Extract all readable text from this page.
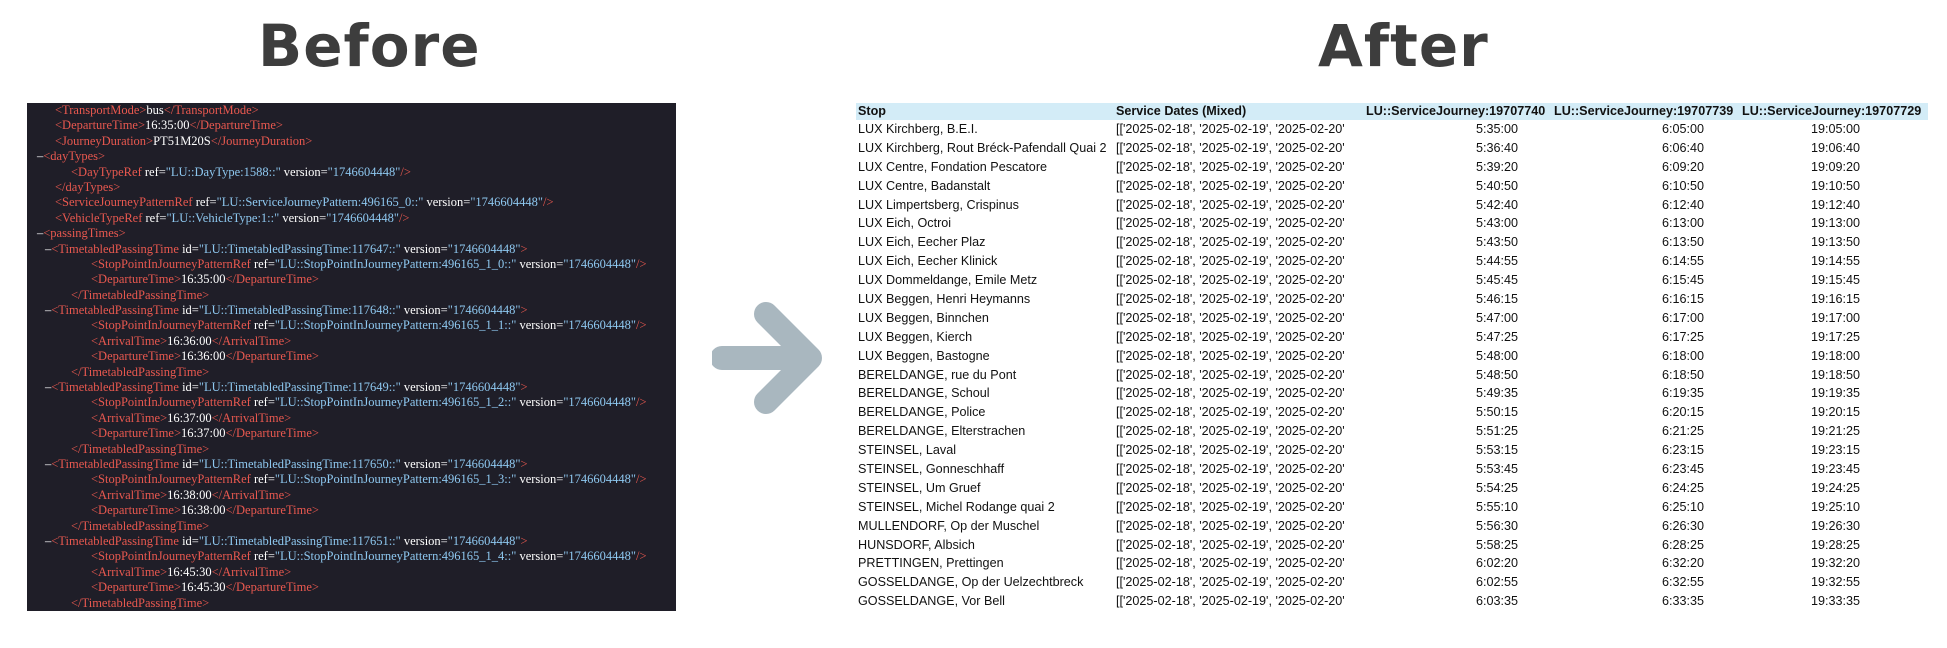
Before	After
<TransportMode>bus</TransportMode>
<DepartureTime>16:35:00</DepartureTime>
<JourneyDuration>PT51M20S</JourneyDuration>
–<dayTypes>
<DayTypeRef ref="LU::DayType:1588::" version="1746604448"/>
</dayTypes>
<ServiceJourneyPatternRef ref="LU::ServiceJourneyPattern:496165_0::" version="1746604448"/>
<VehicleTypeRef ref="LU::VehicleType:1::" version="1746604448"/>
–<passingTimes>
–<TimetabledPassingTime id="LU::TimetabledPassingTime:117647::" version="1746604448">
<StopPointInJourneyPatternRef ref="LU::StopPointInJourneyPattern:496165_1_0::" version="1746604448"/>
<DepartureTime>16:35:00</DepartureTime>
</TimetabledPassingTime>
–<TimetabledPassingTime id="LU::TimetabledPassingTime:117648::" version="1746604448">
<StopPointInJourneyPatternRef ref="LU::StopPointInJourneyPattern:496165_1_1::" version="1746604448"/>
<ArrivalTime>16:36:00</ArrivalTime>
<DepartureTime>16:36:00</DepartureTime>
</TimetabledPassingTime>
–<TimetabledPassingTime id="LU::TimetabledPassingTime:117649::" version="1746604448">
<StopPointInJourneyPatternRef ref="LU::StopPointInJourneyPattern:496165_1_2::" version="1746604448"/>
<ArrivalTime>16:37:00</ArrivalTime>
<DepartureTime>16:37:00</DepartureTime>
</TimetabledPassingTime>
–<TimetabledPassingTime id="LU::TimetabledPassingTime:117650::" version="1746604448">
<StopPointInJourneyPatternRef ref="LU::StopPointInJourneyPattern:496165_1_3::" version="1746604448"/>
<ArrivalTime>16:38:00</ArrivalTime>
<DepartureTime>16:38:00</DepartureTime>
</TimetabledPassingTime>
–<TimetabledPassingTime id="LU::TimetabledPassingTime:117651::" version="1746604448">
<StopPointInJourneyPatternRef ref="LU::StopPointInJourneyPattern:496165_1_4::" version="1746604448"/>
<ArrivalTime>16:45:30</ArrivalTime>
<DepartureTime>16:45:30</DepartureTime>
</TimetabledPassingTime>
Stop	Service Dates (Mixed)	LU::ServiceJourney:19707740 LU::ServiceJourney:19707739 LU::ServiceJourney:19707729
LUX Kirchberg, B.E.I.	[['2025-02-18', '2025-02-19', '2025-02-20'	5:35:00	6:05:00	19:05:00
LUX Kirchberg, Rout Bréck-Pafendall Quai 2 [['2025-02-18', '2025-02-19', '2025-02-20'	5:36:40	6:06:40	19:06:40
LUX Centre, Fondation Pescatore	[['2025-02-18', '2025-02-19', '2025-02-20'	5:39:20	6:09:20	19:09:20
LUX Centre, Badanstalt	[['2025-02-18', '2025-02-19', '2025-02-20'	5:40:50	6:10:50	19:10:50
LUX Limpertsberg, Crispinus	[['2025-02-18', '2025-02-19', '2025-02-20'	5:42:40	6:12:40	19:12:40
LUX Eich, Octroi	[['2025-02-18', '2025-02-19', '2025-02-20'	5:43:00	6:13:00	19:13:00
LUX Eich, Eecher Plaz	[['2025-02-18', '2025-02-19', '2025-02-20'	5:43:50	6:13:50	19:13:50
LUX Eich, Eecher Klinick	[['2025-02-18', '2025-02-19', '2025-02-20'	5:44:55	6:14:55	19:14:55
LUX Dommeldange, Emile Metz	[['2025-02-18', '2025-02-19', '2025-02-20'	5:45:45	6:15:45	19:15:45
LUX Beggen, Henri Heymanns	[['2025-02-18', '2025-02-19', '2025-02-20'	5:46:15	6:16:15	19:16:15
LUX Beggen, Binnchen	[['2025-02-18', '2025-02-19', '2025-02-20'	5:47:00	6:17:00	19:17:00
LUX Beggen, Kierch	[['2025-02-18', '2025-02-19', '2025-02-20'	5:47:25	6:17:25	19:17:25
LUX Beggen, Bastogne	[['2025-02-18', '2025-02-19', '2025-02-20'	5:48:00	6:18:00	19:18:00
BERELDANGE, rue du Pont	[['2025-02-18', '2025-02-19', '2025-02-20'	5:48:50	6:18:50	19:18:50
BERELDANGE, Schoul	[['2025-02-18', '2025-02-19', '2025-02-20'	5:49:35	6:19:35	19:19:35
BERELDANGE, Police	[['2025-02-18', '2025-02-19', '2025-02-20'	5:50:15	6:20:15	19:20:15
BERELDANGE, Elterstrachen	[['2025-02-18', '2025-02-19', '2025-02-20'	5:51:25	6:21:25	19:21:25
STEINSEL, Laval	[['2025-02-18', '2025-02-19', '2025-02-20'	5:53:15	6:23:15	19:23:15
STEINSEL, Gonneschhaff	[['2025-02-18', '2025-02-19', '2025-02-20'	5:53:45	6:23:45	19:23:45
STEINSEL, Um Gruef	[['2025-02-18', '2025-02-19', '2025-02-20'	5:54:25	6:24:25	19:24:25
STEINSEL, Michel Rodange quai 2	[['2025-02-18', '2025-02-19', '2025-02-20'	5:55:10	6:25:10	19:25:10
MULLENDORF, Op der Muschel	[['2025-02-18', '2025-02-19', '2025-02-20'	5:56:30	6:26:30	19:26:30
HUNSDORF, Albsich	[['2025-02-18', '2025-02-19', '2025-02-20'	5:58:25	6:28:25	19:28:25
PRETTINGEN, Prettingen	[['2025-02-18', '2025-02-19', '2025-02-20'	6:02:20	6:32:20	19:32:20
GOSSELDANGE, Op der Uelzechtbreck	[['2025-02-18', '2025-02-19', '2025-02-20'	6:02:55	6:32:55	19:32:55
GOSSELDANGE, Vor Bell	[['2025-02-18', '2025-02-19', '2025-02-20'	6:03:35	6:33:35	19:33:35
